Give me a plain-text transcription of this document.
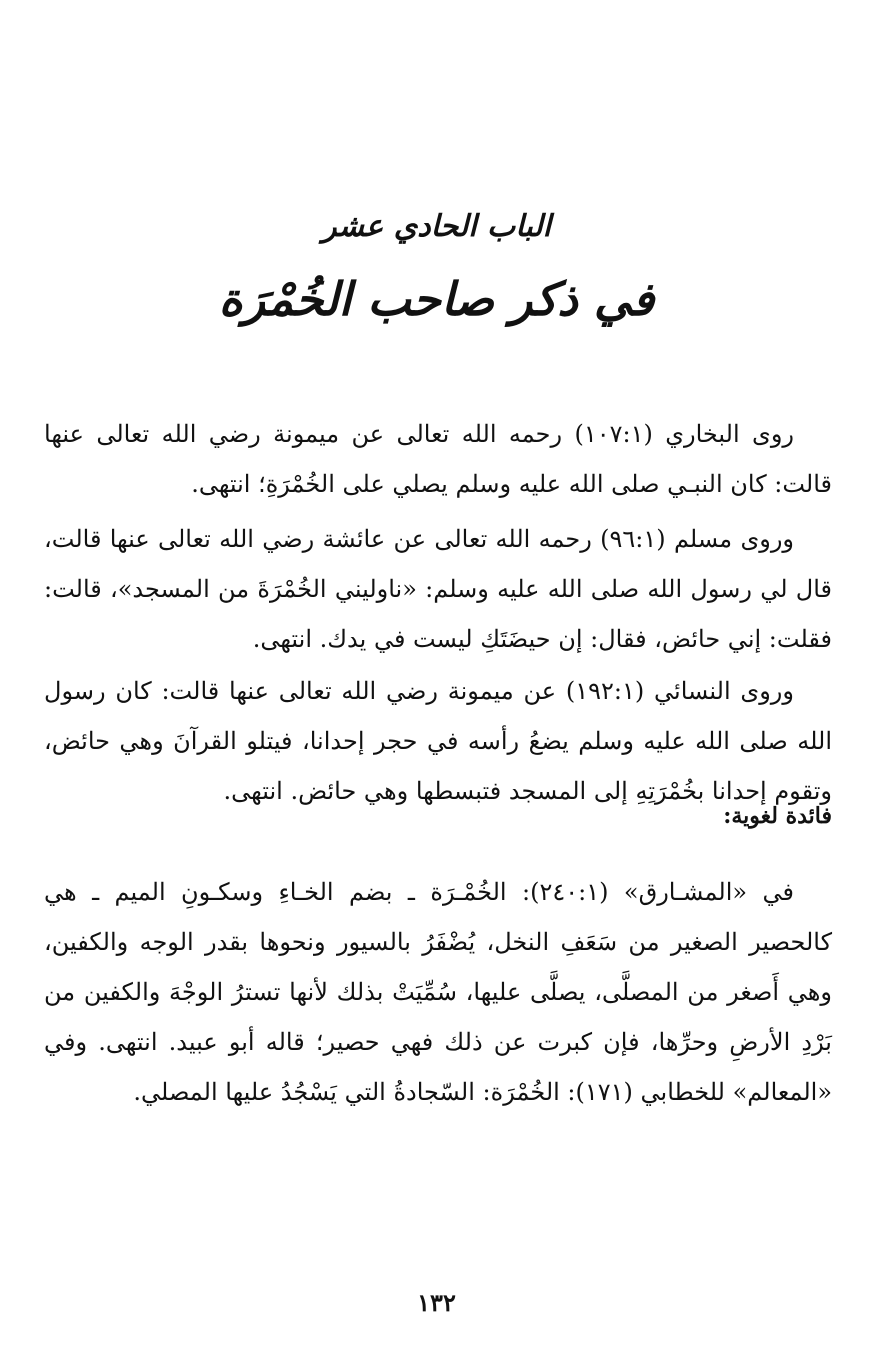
الباب الحادي عشر
في ذكر صاحب الخُمْرَة

روى البخاري (١٠٧:١) رحمه الله تعالى عن ميمونة رضي الله تعالى عنها قالت: كان النبـي صلى الله عليه وسلم يصلي على الخُمْرَةِ؛ انتهى.

وروى مسلم (٩٦:١) رحمه الله تعالى عن عائشة رضي الله تعالى عنها قالت، قال لي رسول الله صلى الله عليه وسلم: «ناوليني الخُمْرَةَ من المسجد»، قالت: فقلت: إني حائض، فقال: إن حيضَتَكِ ليست في يدك. انتهى.

وروى النسائي (١٩٢:١) عن ميمونة رضي الله تعالى عنها قالت: كان رسول الله صلى الله عليه وسلم يضعُ رأسه في حجر إحدانا، فيتلو القرآنَ وهي حائض، وتقوم إحدانا بخُمْرَتِهِ إلى المسجد فتبسطها وهي حائض. انتهى.

فائدة لغوية:

في «المشـارق» (٢٤٠:١): الخُمْـرَة ـ بضم الخـاءِ وسكـونِ الميم ـ هي كالحصير الصغير من سَعَفِ النخل، يُضْفَرُ بالسيور ونحوها بقدر الوجه والكفين، وهي أَصغر من المصلَّى، يصلَّى عليها، سُمِّيَتْ بذلك لأنها تسترُ الوجْهَ والكفين من بَرْدِ الأرضِ وحرِّها، فإن كبرت عن ذلك فهي حصير؛ قاله أبو عبيد. انتهى. وفي «المعالم» للخطابي (١٧١): الخُمْرَة: السّجادةُ التي يَسْجُدُ عليها المصلي.

١٣٢
